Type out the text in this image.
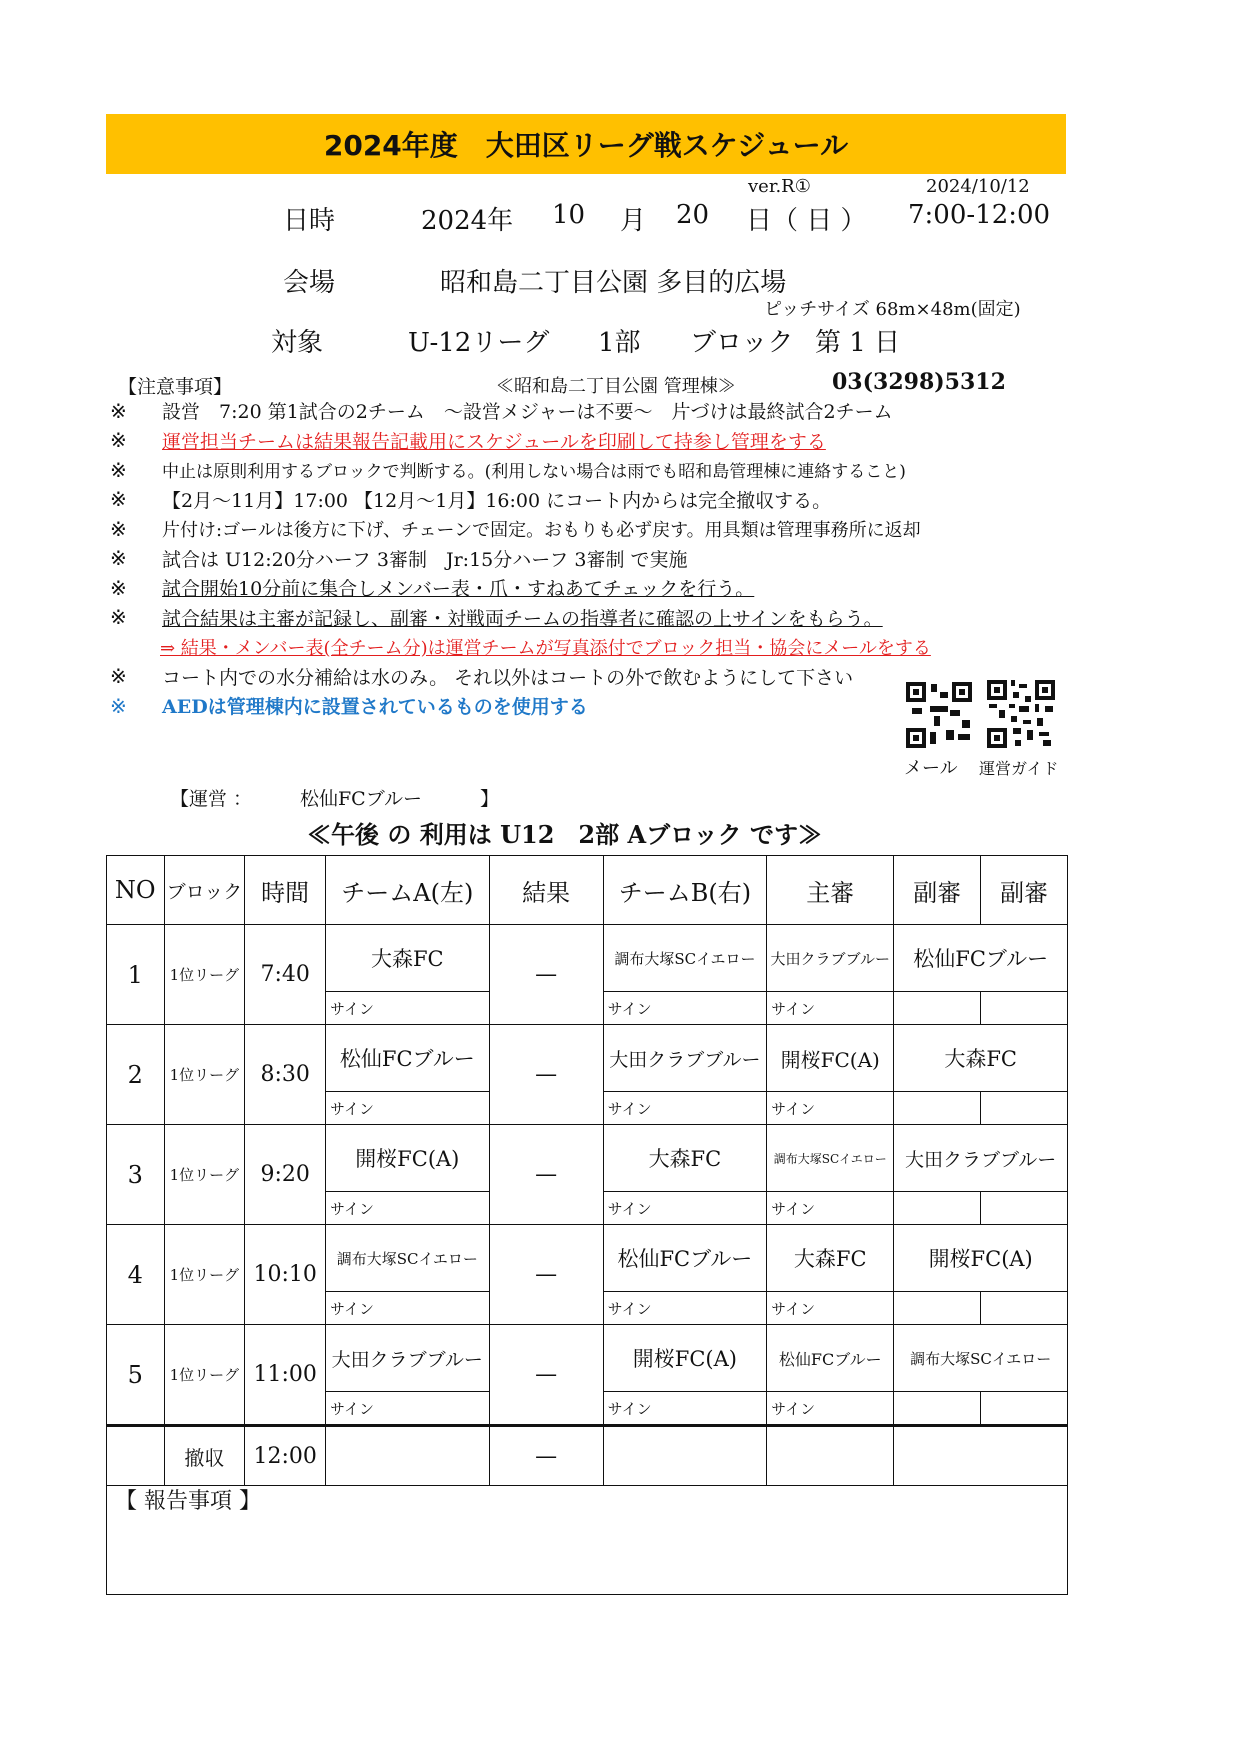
2024年度　大田区リーグ戦スケジュール
ver.R①	2024/10/12
日時	2024年 10 月 20 日（ 日 ） 7:00-12:00
会場	昭和島二丁目公園 多目的広場
ピッチサイズ 68m×48m(固定)
対象	U-12リーグ 1部 ブロック 第 1 日
【注意事項】	≪昭和島二丁目公園 管理棟≫	03(3298)5312
※	設営　7:20 第1試合の2チーム　～設営メジャーは不要～　片づけは最終試合2チーム
※	運営担当チームは結果報告記載用にスケジュールを印刷して持参し管理をする
※	中止は原則利用するブロックで判断する。(利用しない場合は雨でも昭和島管理棟に連絡すること)
※	【2月～11月】17:00 【12月～1月】16:00 にコート内からは完全撤収する。
※	片付け:ゴールは後方に下げ、チェーンで固定。おもりも必ず戻す。用具類は管理事務所に返却
※	試合は U12:20分ハーフ 3審制　Jr:15分ハーフ 3審制 で実施
※	試合開始10分前に集合しメンバー表・爪・すねあてチェックを行う。
※	試合結果は主審が記録し、副審・対戦両チームの指導者に確認の上サインをもらう。
⇒ 結果・メンバー表(全チーム分)は運営チームが写真添付でブロック担当・協会にメールをする
※	コート内での水分補給は水のみ。 それ以外はコートの外で飲むようにして下さい
※	AEDは管理棟内に設置されているものを使用する
メール 運営ガイド
【運営 ：	松仙FCブルー	】
≪午後 の 利用は U12　2部 Aブロック です≫
NO	ブロック	時間	チームA(左)	結果	チームB(右)	主審	副審	副審
1	1位リーグ	7:40	大森FC	—	調布大塚SCイエロー	大田クラブブルー	松仙FCブルー	
			サイン		サイン	サイン		
2	1位リーグ	8:30	松仙FCブルー	—	大田クラブブルー	開桜FC(A)	大森FC	
			サイン		サイン	サイン		
3	1位リーグ	9:20	開桜FC(A)	—	大森FC	調布大塚SCイエロー	大田クラブブルー	
			サイン		サイン	サイン		
4	1位リーグ	10:10	調布大塚SCイエロー	—	松仙FCブルー	大森FC	開桜FC(A)	
			サイン		サイン	サイン		
5	1位リーグ	11:00	大田クラブブルー	—	開桜FC(A)	松仙FCブルー	調布大塚SCイエロー	
			サイン		サイン	サイン		
	撤収	12:00		—				
【 報告事項 】
